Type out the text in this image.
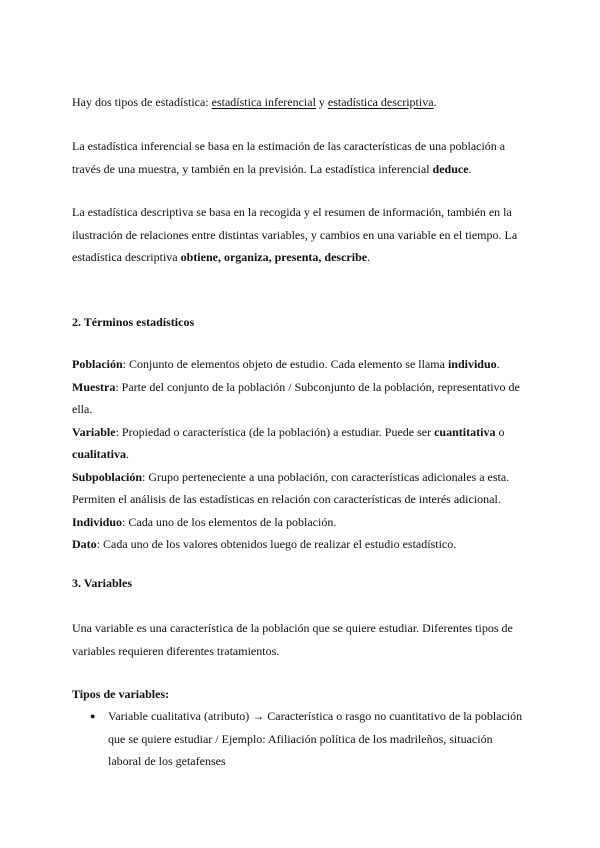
Hay dos tipos de estadística: estadística inferencial y estadística descriptiva.
La estadística inferencial se basa en la estimación de las características de una población a través de una muestra, y también en la previsión. La estadística inferencial deduce.
La estadística descriptiva se basa en la recogida y el resumen de información, también en la ilustración de relaciones entre distintas variables, y cambios en una variable en el tiempo. La estadística descriptiva obtiene, organiza, presenta, describe.
2. Términos estadísticos
Población: Conjunto de elementos objeto de estudio. Cada elemento se llama individuo.
Muestra: Parte del conjunto de la población / Subconjunto de la población, representativo de ella.
Variable: Propiedad o característica (de la población) a estudiar. Puede ser cuantitativa o cualitativa.
Subpoblación: Grupo perteneciente a una población, con características adicionales a esta. Permiten el análisis de las estadísticas en relación con características de interés adicional.
Individuo: Cada uno de los elementos de la población.
Dato: Cada uno de los valores obtenidos luego de realizar el estudio estadístico.
3. Variables
Una variable es una característica de la población que se quiere estudiar. Diferentes tipos de variables requieren diferentes tratamientos.
Tipos de variables:
● Variable cualitativa (atributo) → Característica o rasgo no cuantitativo de la población que se quiere estudiar / Ejemplo: Afiliación política de los madrileños, situación laboral de los getafenses
